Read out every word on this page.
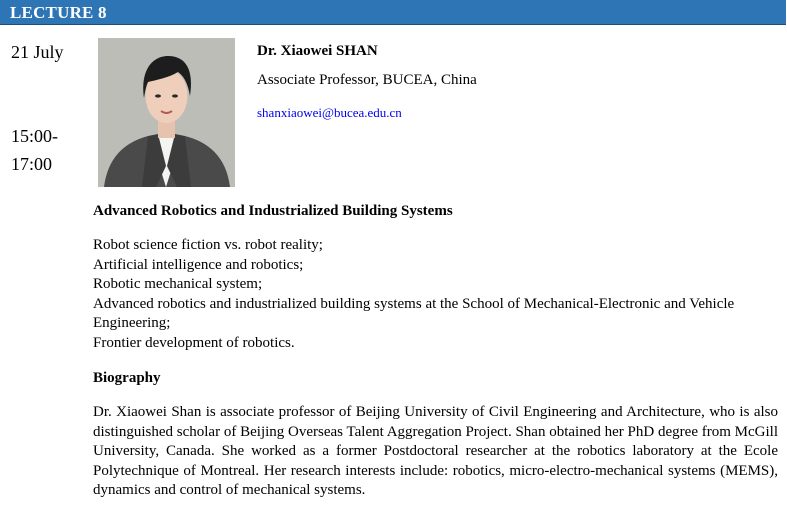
LECTURE 8
21 July
15:00-
17:00
Dr. Xiaowei SHAN
Associate Professor, BUCEA, China
shanxiaowei@bucea.edu.cn
Advanced Robotics and Industrialized Building Systems
Robot science fiction vs. robot reality;
Artificial intelligence and robotics;
Robotic mechanical system;
Advanced robotics and industrialized building systems at the School of Mechanical-Electronic and Vehicle Engineering;
Frontier development of robotics.
Biography
Dr. Xiaowei Shan is associate professor of Beijing University of Civil Engineering and Architecture, who is also distinguished scholar of Beijing Overseas Talent Aggregation Project. Shan obtained her PhD degree from McGill University, Canada. She worked as a former Postdoctoral researcher at the robotics laboratory at the Ecole Polytechnique of Montreal. Her research interests include: robotics, micro-electro-mechanical systems (MEMS), dynamics and control of mechanical systems.
